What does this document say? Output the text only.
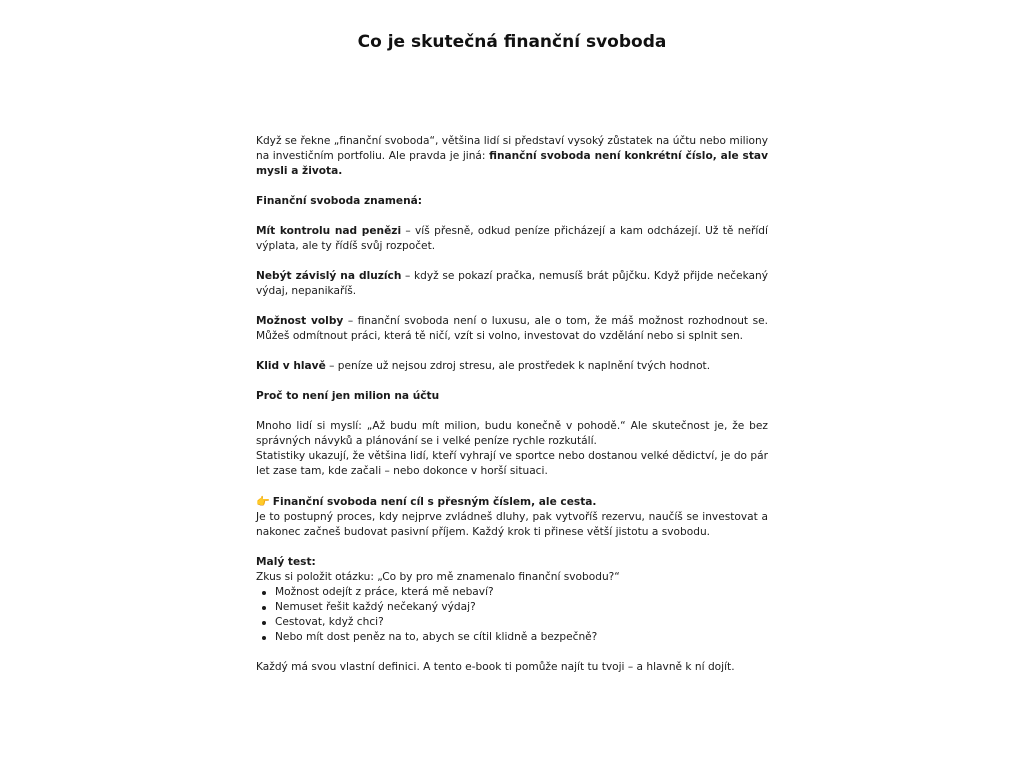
Co je skutečná finanční svoboda

Když se řekne „finanční svoboda“, většina lidí si představí vysoký zůstatek na účtu nebo miliony na investičním portfoliu. Ale pravda je jiná: finanční svoboda není konkrétní číslo, ale stav mysli a života.

Finanční svoboda znamená:

Mít kontrolu nad penězi – víš přesně, odkud peníze přicházejí a kam odcházejí. Už tě neřídí výplata, ale ty řídíš svůj rozpočet.

Nebýt závislý na dluzích – když se pokazí pračka, nemusíš brát půjčku. Když přijde nečekaný výdaj, nepanikaříš.

Možnost volby – finanční svoboda není o luxusu, ale o tom, že máš možnost rozhodnout se. Můžeš odmítnout práci, která tě ničí, vzít si volno, investovat do vzdělání nebo si splnit sen.

Klid v hlavě – peníze už nejsou zdroj stresu, ale prostředek k naplnění tvých hodnot.

Proč to není jen milion na účtu

Mnoho lidí si myslí: „Až budu mít milion, budu konečně v pohodě.“ Ale skutečnost je, že bez správných návyků a plánování se i velké peníze rychle rozkutálí.

Statistiky ukazují, že většina lidí, kteří vyhrají ve sportce nebo dostanou velké dědictví, je do pár let zase tam, kde začali – nebo dokonce v horší situaci.

👉 Finanční svoboda není cíl s přesným číslem, ale cesta.
Je to postupný proces, kdy nejprve zvládneš dluhy, pak vytvoříš rezervu, naučíš se investovat a nakonec začneš budovat pasivní příjem. Každý krok ti přinese větší jistotu a svobodu.

Malý test:

Zkus si položit otázku: „Co by pro mě znamenalo finanční svobodu?“

Možnost odejít z práce, která mě nebaví?
Nemuset řešit každý nečekaný výdaj?
Cestovat, když chci?
Nebo mít dost peněz na to, abych se cítil klidně a bezpečně?

Každý má svou vlastní definici. A tento e-book ti pomůže najít tu tvoji – a hlavně k ní dojít.
